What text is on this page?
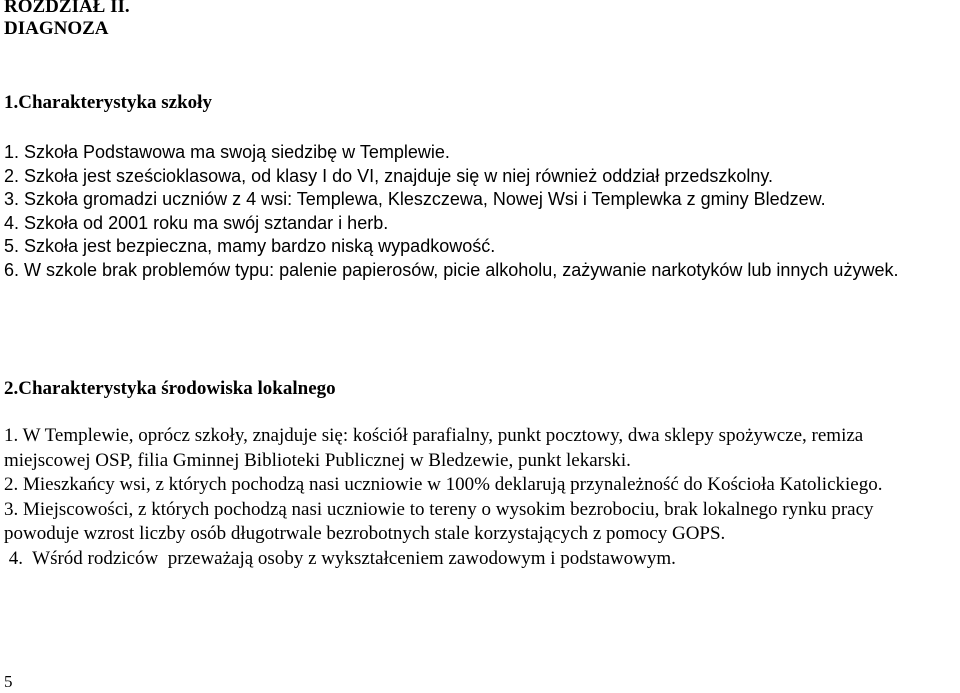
ROZDZIAŁ II.
DIAGNOZA
1.Charakterystyka szkoły
1. Szkoła Podstawowa ma swoją siedzibę w Templewie.
2. Szkoła jest sześcioklasowa, od klasy I do VI, znajduje się w niej również oddział przedszkolny.
3. Szkoła gromadzi uczniów z 4 wsi: Templewa, Kleszczewa, Nowej Wsi i Templewka z gminy Bledzew.
4. Szkoła od 2001 roku ma swój sztandar i herb.
5. Szkoła jest bezpieczna, mamy bardzo niską wypadkowość.
6. W szkole brak problemów typu: palenie papierosów, picie alkoholu, zażywanie narkotyków lub innych używek.
2.Charakterystyka środowiska lokalnego
1. W Templewie, oprócz szkoły, znajduje się: kościół parafialny, punkt pocztowy, dwa sklepy spożywcze, remiza
miejscowej OSP, filia Gminnej Biblioteki Publicznej w Bledzewie, punkt lekarski.
2. Mieszkańcy wsi, z których pochodzą nasi uczniowie w 100% deklarują przynależność do Kościoła Katolickiego.
3. Miejscowości, z których pochodzą nasi uczniowie to tereny o wysokim bezrobociu, brak lokalnego rynku pracy
powoduje wzrost liczby osób długotrwale bezrobotnych stale korzystających z pomocy GOPS.
4.  Wśród rodziców  przeważają osoby z wykształceniem zawodowym i podstawowym.
5
